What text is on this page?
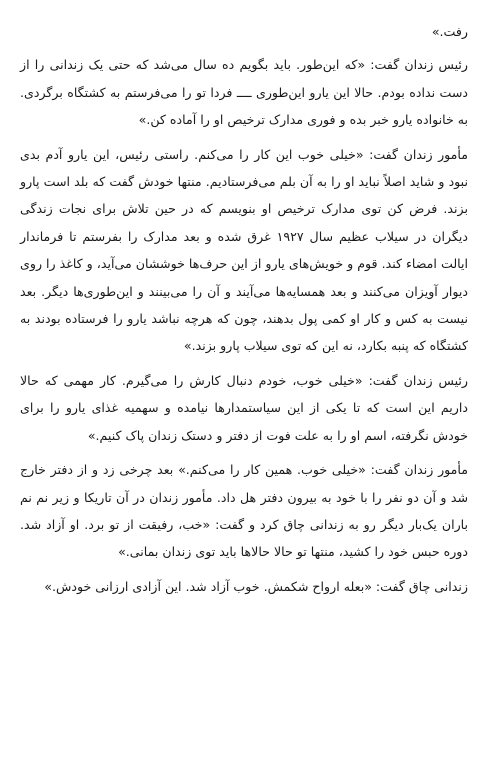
رفت.»

رئیس زندان گفت: «که این‌طور. باید بگویم ده سال می‌شد که حتی یک زندانی را از دست نداده بودم. حالا این یارو این‌طوری ــــ فردا تو را می‌فرستم به کشتگاه برگردی. به خانواده یارو خبر بده و فوری مدارک ترخیص او را آماده کن.»

مأمور زندان گفت: «خیلی خوب این کار را می‌کنم. راستی رئیس، این یارو آدم بدی نبود و شاید اصلاً نباید او را به آن بلم می‌فرستادیم. منتها خودش گفت که بلد است پارو بزند. فرض کن توی مدارک ترخیص او بنویسم که در حین تلاش برای نجات زندگی دیگران در سیلاب عظیم سال ۱۹۲۷ غرق شده و بعد مدارک را بفرستم تا فرماندار ایالت امضاء کند. قوم و خویش‌های یارو از این حرف‌ها خوششان می‌آید، و کاغذ را روی دیوار آویزان می‌کنند و بعد همسایه‌ها می‌آیند و آن را می‌بینند و این‌طوری‌ها دیگر. بعد نیست به کس و کار او کمی پول بدهند، چون که هرچه نباشد یارو را فرستاده بودند به کشتگاه که پنبه بکارد، نه این که توی سیلاب پارو بزند.»

رئیس زندان گفت: «خیلی خوب، خودم دنبال کارش را می‌گیرم. کار مهمی که حالا داریم این است که تا یکی از این سیاستمدارها نیامده و سهمیه غذای یارو را برای خودش نگرفته، اسم او را به علت فوت از دفتر و دستک زندان پاک کنیم.»

مأمور زندان گفت: «خیلی خوب. همین کار را می‌کنم.» بعد چرخی زد و از دفتر خارج شد و آن دو نفر را با خود به بیرون دفتر هل داد. مأمور زندان در آن تاریکا و زیر نم نم باران یک‌بار دیگر رو به زندانی چاق کرد و گفت: «خب، رفیقت از تو برد. او آزاد شد. دوره حبس خود را کشید، منتها تو حالا حالاها باید توی زندان بمانی.»

زندانی چاق گفت: «بعله ارواح شکمش. خوب آزاد شد. این آزادی ارزانی خودش.»
